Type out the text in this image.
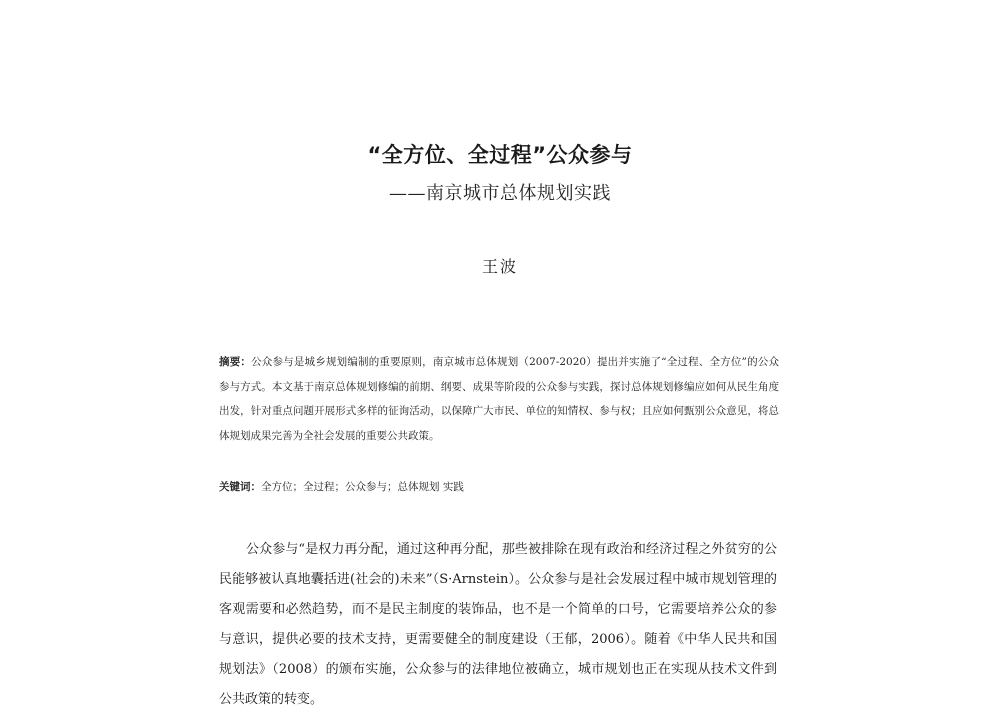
“全方位、全过程”公众参与
——南京城市总体规划实践
王波
摘要：公众参与是城乡规划编制的重要原则，南京城市总体规划（2007-2020）提出并实施了“全过程、全方位”的公众参与方式。本文基于南京总体规划修编的前期、纲要、成果等阶段的公众参与实践，探讨总体规划修编应如何从民生角度出发，针对重点问题开展形式多样的征询活动，以保障广大市民、单位的知情权、参与权；且应如何甄别公众意见，将总体规划成果完善为全社会发展的重要公共政策。
关键词：全方位；全过程；公众参与；总体规划 实践
公众参与“是权力再分配，通过这种再分配，那些被排除在现有政治和经济过程之外贫穷的公民能够被认真地囊括进(社会的)未来”（S·Arnstein）。公众参与是社会发展过程中城市规划管理的客观需要和必然趋势，而不是民主制度的装饰品，也不是一个简单的口号，它需要培养公众的参与意识，提供必要的技术支持，更需要健全的制度建设（王郁，2006）。随着《中华人民共和国规划法》（2008）的颁布实施，公众参与的法律地位被确立，城市规划也正在实现从技术文件到公共政策的转变。
